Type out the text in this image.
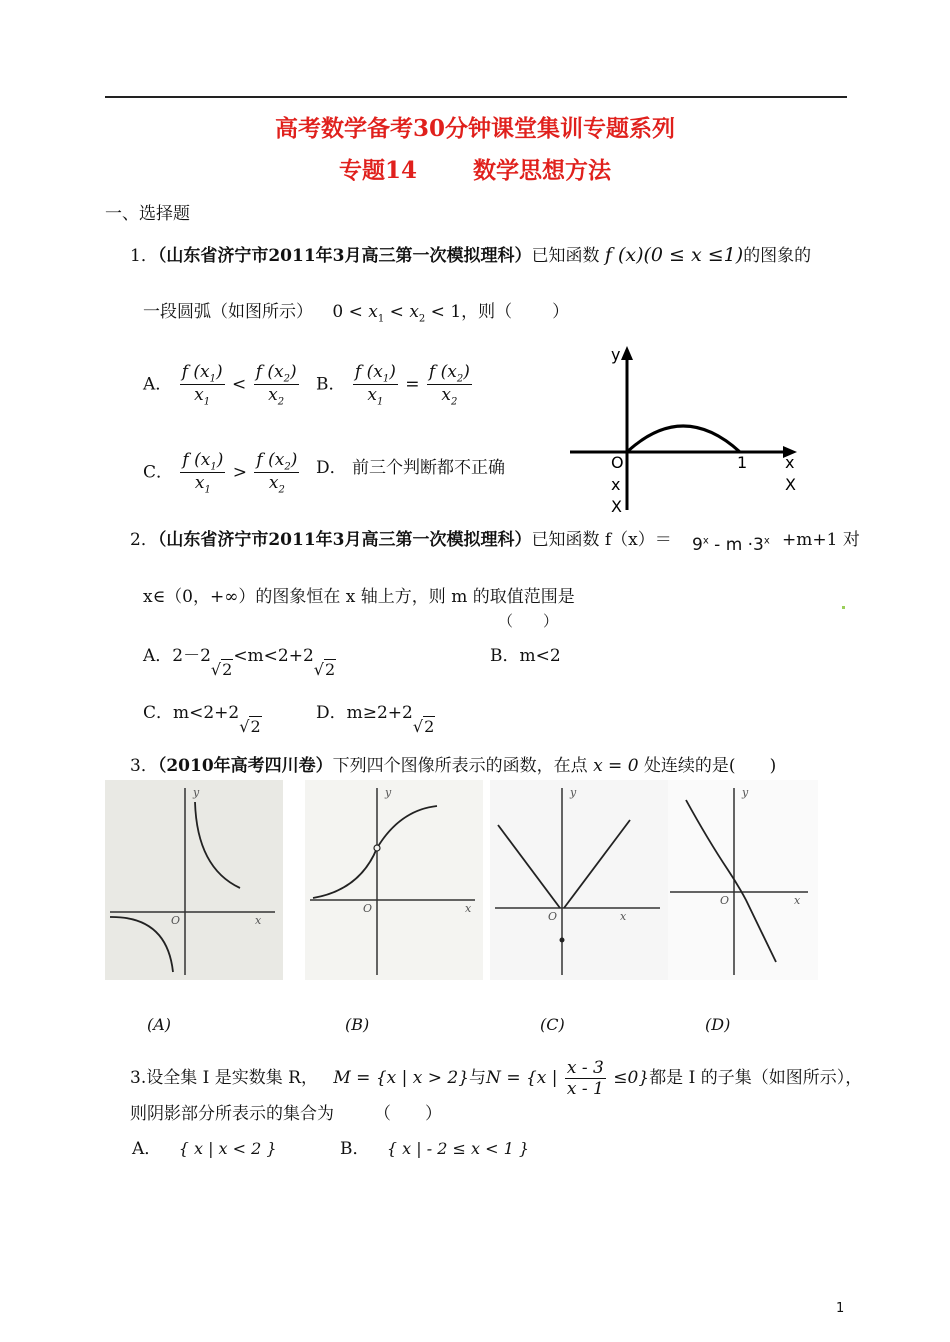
高考数学备考30分钟课堂集训专题系列
专题14 数学思想方法
一、选择题
1．（山东省济宁市2011年3月高三第一次模拟理科）已知函数 f (x)(0 ≤ x ≤1)的图象的
一段圆弧（如图所示） $0 < x_1 < x_2 < 1$，则（ ）
A． $\frac{f (x_1)}{x_1} < \frac{f (x_2)}{x_2}$ B． $\frac{f (x_1)}{x_1} = \frac{f (x_2)}{x_2}$
C． $\frac{f (x_1)}{x_1} > \frac{f (x_2)}{x_2}$ D． 前三个判断都不正确
y
O	1 x
X
x
X
2．（山东省济宁市2011年3月高三第一次模拟理科）已知函数 $f(x)= 9^x - m \cdot 3^x +m+1$ 对
x∈（0，+∞）的图象恒在 x 轴上方，则 m 的取值范围是
（　　）
A．2－2√2<m<2+2√2
B．m<2
C．m<2+2√2
D．m≥2+2√2
3．（2010年高考四川卷）下列四个图像所表示的函数，在点 x = 0 处连续的是(　　)
y
x
O
y
x
O
y
x
O
y
x
O
(A)	(B)	(C)	(D)
3.设全集 I 是实数集 R， M = {x | x > 2}与N = {x | $\frac{x - 3}{x - 1} \le 0$}都是 I 的子集（如图所示），
则阴影部分所表示的集合为 （　　）
A． { x | x < 2 }	B． { x | - 2 ≤ x < 1 }
1
